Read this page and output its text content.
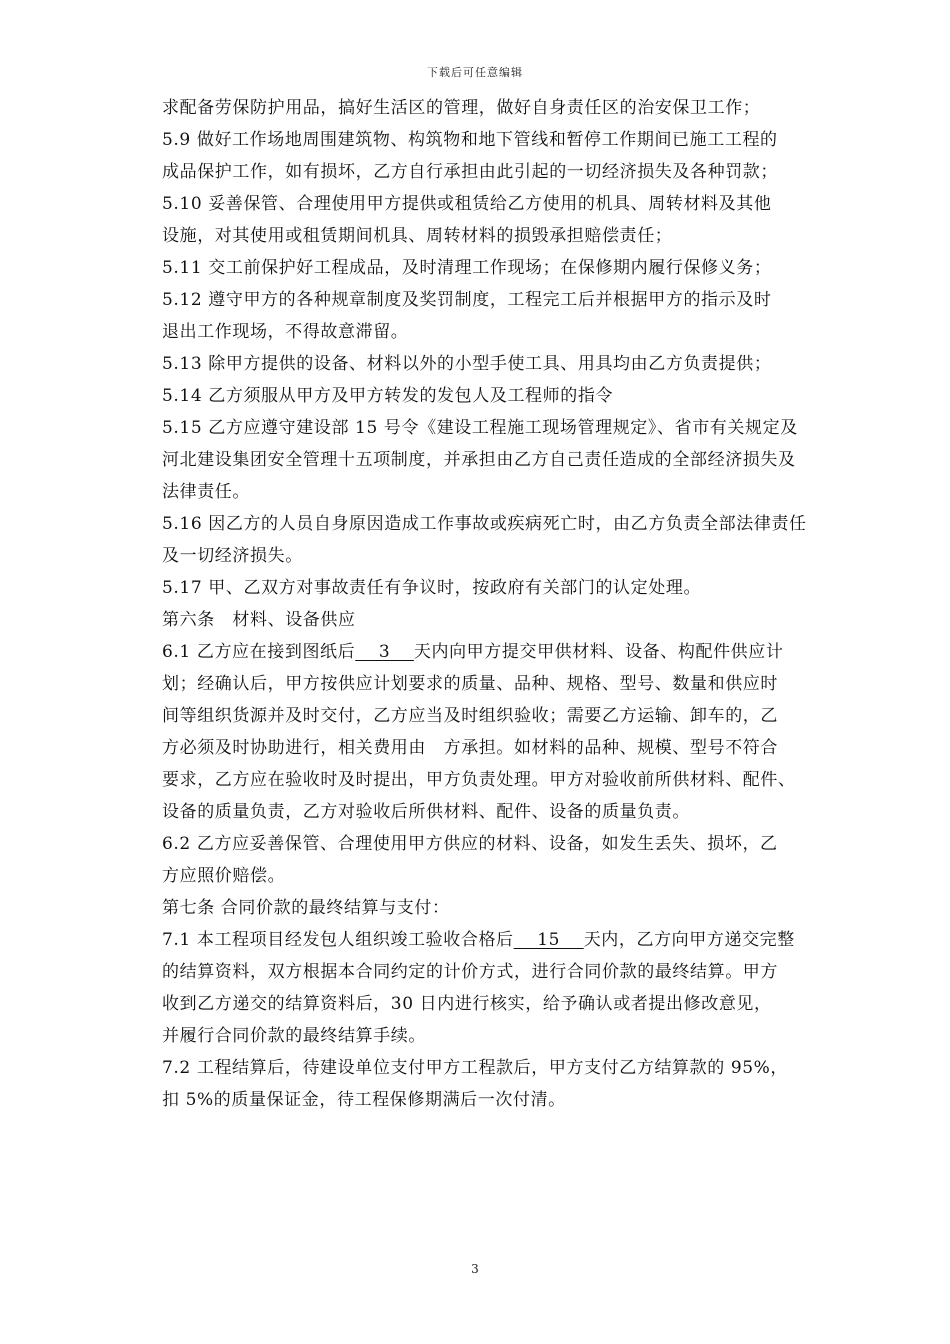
下载后可任意编辑
求配备劳保防护用品，搞好生活区的管理，做好自身责任区的治安保卫工作；
5.9 做好工作场地周围建筑物、构筑物和地下管线和暂停工作期间已施工工程的
成品保护工作，如有损坏，乙方自行承担由此引起的一切经济损失及各种罚款；
5.10 妥善保管、合理使用甲方提供或租赁给乙方使用的机具、周转材料及其他
设施，对其使用或租赁期间机具、周转材料的损毁承担赔偿责任；
5.11 交工前保护好工程成品，及时清理工作现场；在保修期内履行保修义务；
5.12 遵守甲方的各种规章制度及奖罚制度，工程完工后并根据甲方的指示及时
退出工作现场，不得故意滞留。
5.13 除甲方提供的设备、材料以外的小型手使工具、用具均由乙方负责提供；
5.14 乙方须服从甲方及甲方转发的发包人及工程师的指令
5.15 乙方应遵守建设部 15 号令《建设工程施工现场管理规定》、省市有关规定及
河北建设集团安全管理十五项制度，并承担由乙方自己责任造成的全部经济损失及
法律责任。
5.16 因乙方的人员自身原因造成工作事故或疾病死亡时，由乙方负责全部法律责任
及一切经济损失。
5.17 甲、乙双方对事故责任有争议时，按政府有关部门的认定处理。
第六条　材料、设备供应
6.1 乙方应在接到图纸后　 3　 天内向甲方提交甲供材料、设备、构配件供应计
划；经确认后，甲方按供应计划要求的质量、品种、规格、型号、数量和供应时
间等组织货源并及时交付，乙方应当及时组织验收；需要乙方运输、卸车的，乙
方必须及时协助进行，相关费用由　方承担。如材料的品种、规模、型号不符合
要求，乙方应在验收时及时提出，甲方负责处理。甲方对验收前所供材料、配件、
设备的质量负责，乙方对验收后所供材料、配件、设备的质量负责。
6.2 乙方应妥善保管、合理使用甲方供应的材料、设备，如发生丢失、损坏，乙
方应照价赔偿。
第七条 合同价款的最终结算与支付：
7.1 本工程项目经发包人组织竣工验收合格后　 15　 天内，乙方向甲方递交完整
的结算资料，双方根据本合同约定的计价方式，进行合同价款的最终结算。甲方
收到乙方递交的结算资料后，30 日内进行核实，给予确认或者提出修改意见，
并履行合同价款的最终结算手续。
7.2 工程结算后，待建设单位支付甲方工程款后，甲方支付乙方结算款的 95%，
扣 5%的质量保证金，待工程保修期满后一次付清。
3
